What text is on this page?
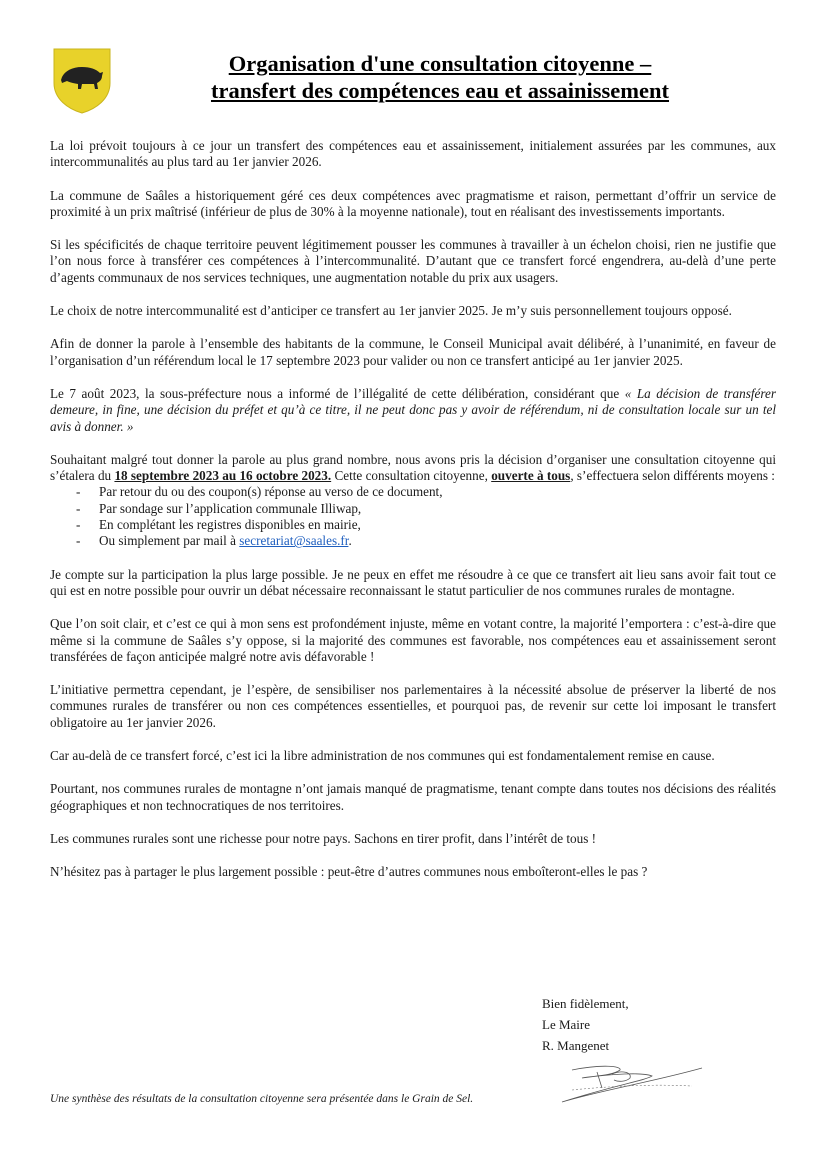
Organisation d'une consultation citoyenne –
transfert des compétences eau et assainissement

La loi prévoit toujours à ce jour un transfert des compétences eau et assainissement, initialement assurées par les communes, aux intercommunalités au plus tard au 1er janvier 2026.

La commune de Saâles a historiquement géré ces deux compétences avec pragmatisme et raison, permettant d’offrir un service de proximité à un prix maîtrisé (inférieur de plus de 30% à la moyenne nationale), tout en réalisant des investissements importants.

Si les spécificités de chaque territoire peuvent légitimement pousser les communes à travailler à un échelon choisi, rien ne justifie que l’on nous force à transférer ces compétences à l’intercommunalité. D’autant que ce transfert forcé engendrera, au-delà d’une perte d’agents communaux de nos services techniques, une augmentation notable du prix aux usagers.

Le choix de notre intercommunalité est d’anticiper ce transfert au 1er janvier 2025. Je m’y suis personnellement toujours opposé.

Afin de donner la parole à l’ensemble des habitants de la commune, le Conseil Municipal avait délibéré, à l’unanimité, en faveur de l’organisation d’un référendum local le 17 septembre 2023 pour valider ou non ce transfert anticipé au 1er janvier 2025.

Le 7 août 2023, la sous-préfecture nous a informé de l’illégalité de cette délibération, considérant que « La décision de transférer demeure, in fine, une décision du préfet et qu’à ce titre, il ne peut donc pas y avoir de référendum, ni de consultation locale sur un tel avis à donner. »

Souhaitant malgré tout donner la parole au plus grand nombre, nous avons pris la décision d’organiser une consultation citoyenne qui s’étalera du 18 septembre 2023 au 16 octobre 2023. Cette consultation citoyenne, ouverte à tous, s’effectuera selon différents moyens :

- Par retour du ou des coupon(s) réponse au verso de ce document,
- Par sondage sur l’application communale Illiwap,
- En complétant les registres disponibles en mairie,
- Ou simplement par mail à secretariat@saales.fr.

Je compte sur la participation la plus large possible. Je ne peux en effet me résoudre à ce que ce transfert ait lieu sans avoir fait tout ce qui est en notre possible pour ouvrir un débat nécessaire reconnaissant le statut particulier de nos communes rurales de montagne.

Que l’on soit clair, et c’est ce qui à mon sens est profondément injuste, même en votant contre, la majorité l’emportera : c’est-à-dire que même si la commune de Saâles s’y oppose, si la majorité des communes est favorable, nos compétences eau et assainissement seront transférées de façon anticipée malgré notre avis défavorable !

L’initiative permettra cependant, je l’espère, de sensibiliser nos parlementaires à la nécessité absolue de préserver la liberté de nos communes rurales de transférer ou non ces compétences essentielles, et pourquoi pas, de revenir sur cette loi imposant le transfert obligatoire au 1er janvier 2026.

Car au-delà de ce transfert forcé, c’est ici la libre administration de nos communes qui est fondamentalement remise en cause.

Pourtant, nos communes rurales de montagne n’ont jamais manqué de pragmatisme, tenant compte dans toutes nos décisions des réalités géographiques et non technocratiques de nos territoires.

Les communes rurales sont une richesse pour notre pays. Sachons en tirer profit, dans l’intérêt de tous !

N’hésitez pas à partager le plus largement possible : peut-être d’autres communes nous emboîteront-elles le pas ?

Bien fidèlement,
Le Maire
R. Mangenet
Une synthèse des résultats de la consultation citoyenne sera présentée dans le Grain de Sel.
